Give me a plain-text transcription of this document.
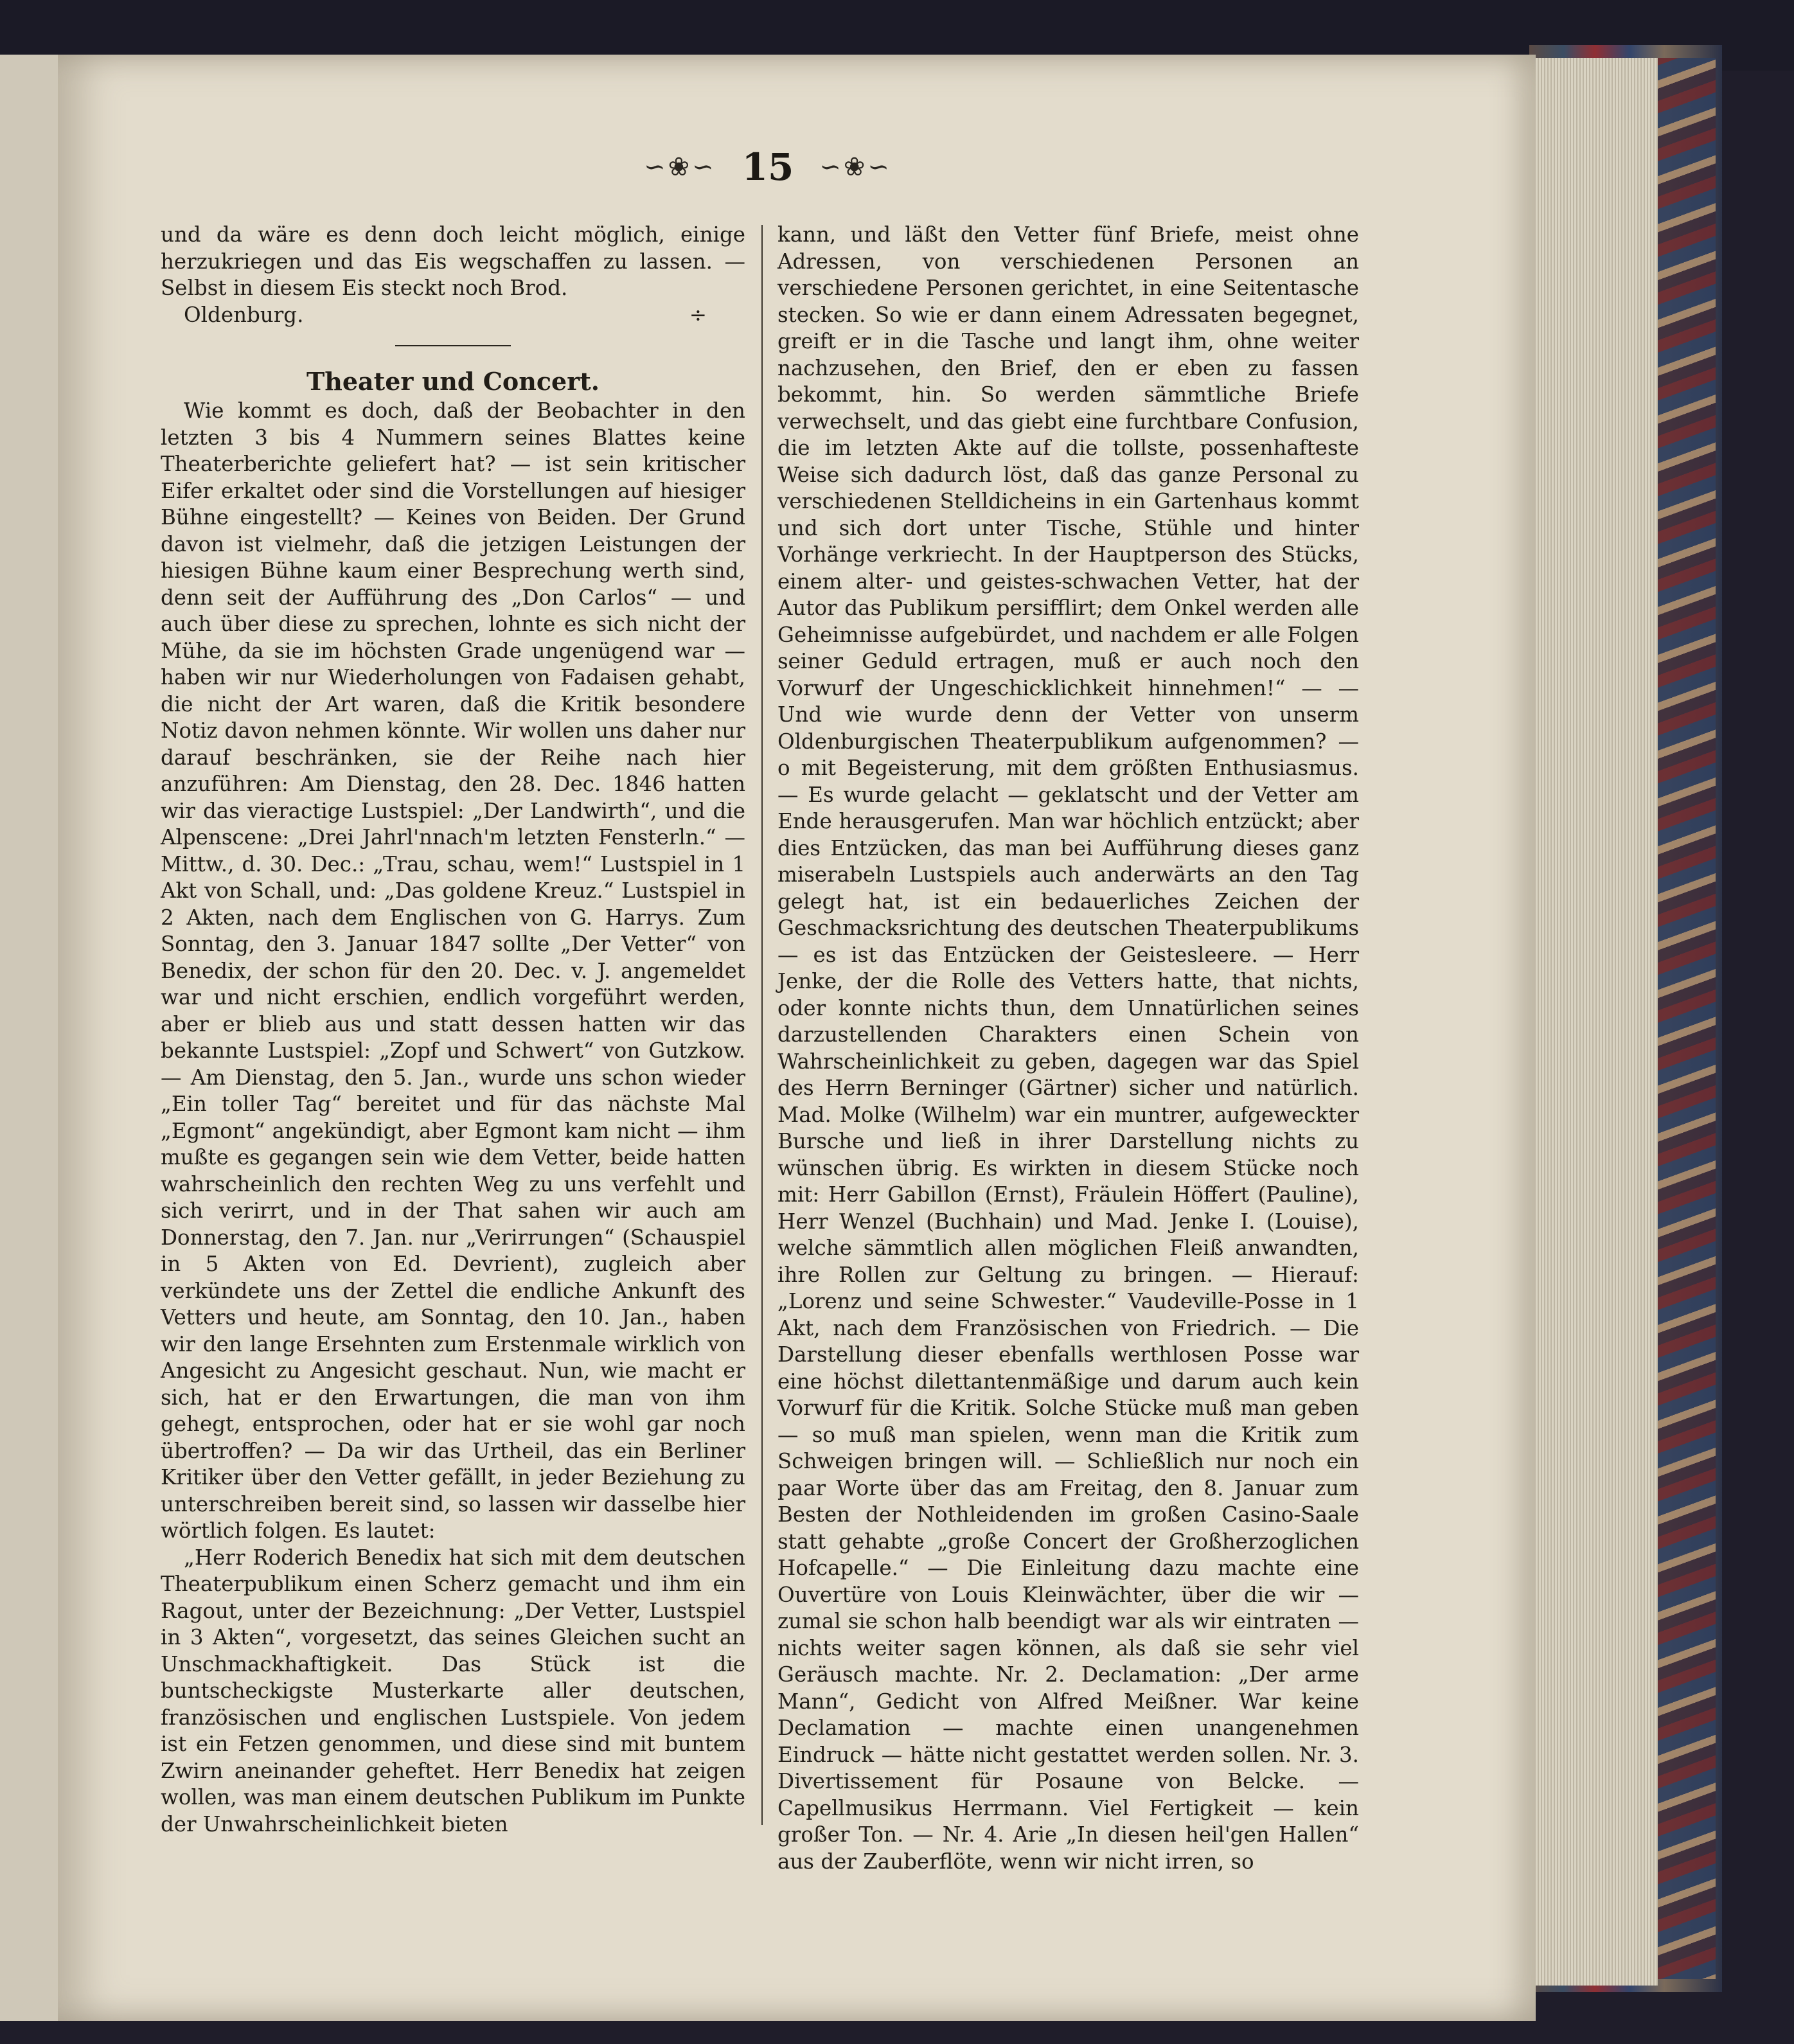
∽❀∽ 15 ∽❀∽

und da wäre es denn doch leicht möglich, einige herzukriegen und das Eis wegschaffen zu lassen. — Selbst in diesem Eis steckt noch Brod.

Oldenburg.	÷

Theater und Concert.

Wie kommt es doch, daß der Beobachter in den letzten 3 bis 4 Nummern seines Blattes keine Theaterberichte geliefert hat? — ist sein kritischer Eifer erkaltet oder sind die Vorstellungen auf hiesiger Bühne eingestellt? — Keines von Beiden. Der Grund davon ist vielmehr, daß die jetzigen Leistungen der hiesigen Bühne kaum einer Besprechung werth sind, denn seit der Aufführung des „Don Carlos“ — und auch über diese zu sprechen, lohnte es sich nicht der Mühe, da sie im höchsten Grade ungenügend war — haben wir nur Wiederholungen von Fadaisen gehabt, die nicht der Art waren, daß die Kritik besondere Notiz davon nehmen könnte. Wir wollen uns daher nur darauf beschränken, sie der Reihe nach hier anzuführen: Am Dienstag, den 28. Dec. 1846 hatten wir das vieractige Lustspiel: „Der Landwirth“, und die Alpenscene: „Drei Jahrl'nnach'm letzten Fensterln.“ — Mittw., d. 30. Dec.: „Trau, schau, wem!“ Lustspiel in 1 Akt von Schall, und: „Das goldene Kreuz.“ Lustspiel in 2 Akten, nach dem Englischen von G. Harrys. Zum Sonntag, den 3. Januar 1847 sollte „Der Vetter“ von Benedix, der schon für den 20. Dec. v. J. angemeldet war und nicht erschien, endlich vorgeführt werden, aber er blieb aus und statt dessen hatten wir das bekannte Lustspiel: „Zopf und Schwert“ von Gutzkow. — Am Dienstag, den 5. Jan., wurde uns schon wieder „Ein toller Tag“ bereitet und für das nächste Mal „Egmont“ angekündigt, aber Egmont kam nicht — ihm mußte es gegangen sein wie dem Vetter, beide hatten wahrscheinlich den rechten Weg zu uns verfehlt und sich verirrt, und in der That sahen wir auch am Donnerstag, den 7. Jan. nur „Verirrungen“ (Schauspiel in 5 Akten von Ed. Devrient), zugleich aber verkündete uns der Zettel die endliche Ankunft des Vetters und heute, am Sonntag, den 10. Jan., haben wir den lange Ersehnten zum Erstenmale wirklich von Angesicht zu Angesicht geschaut. Nun, wie macht er sich, hat er den Erwartungen, die man von ihm gehegt, entsprochen, oder hat er sie wohl gar noch übertroffen? — Da wir das Urtheil, das ein Berliner Kritiker über den Vetter gefällt, in jeder Beziehung zu unterschreiben bereit sind, so lassen wir dasselbe hier wörtlich folgen. Es lautet:

„Herr Roderich Benedix hat sich mit dem deutschen Theaterpublikum einen Scherz gemacht und ihm ein Ragout, unter der Bezeichnung: „Der Vetter, Lustspiel in 3 Akten“, vorgesetzt, das seines Gleichen sucht an Unschmackhaftigkeit. Das Stück ist die buntscheckigste Musterkarte aller deutschen, französischen und englischen Lustspiele. Von jedem ist ein Fetzen genommen, und diese sind mit buntem Zwirn aneinander geheftet. Herr Benedix hat zeigen wollen, was man einem deutschen Publikum im Punkte der Unwahrscheinlichkeit bieten

kann, und läßt den Vetter fünf Briefe, meist ohne Adressen, von verschiedenen Personen an verschiedene Personen gerichtet, in eine Seitentasche stecken. So wie er dann einem Adressaten begegnet, greift er in die Tasche und langt ihm, ohne weiter nachzusehen, den Brief, den er eben zu fassen bekommt, hin. So werden sämmtliche Briefe verwechselt, und das giebt eine furchtbare Confusion, die im letzten Akte auf die tollste, possenhafteste Weise sich dadurch löst, daß das ganze Personal zu verschiedenen Stelldicheins in ein Gartenhaus kommt und sich dort unter Tische, Stühle und hinter Vorhänge verkriecht. In der Hauptperson des Stücks, einem alter- und geistes-schwachen Vetter, hat der Autor das Publikum persifflirt; dem Onkel werden alle Geheimnisse aufgebürdet, und nachdem er alle Folgen seiner Geduld ertragen, muß er auch noch den Vorwurf der Ungeschicklichkeit hinnehmen!“ — — Und wie wurde denn der Vetter von unserm Oldenburgischen Theaterpublikum aufgenommen? — o mit Begeisterung, mit dem größten Enthusiasmus. — Es wurde gelacht — geklatscht und der Vetter am Ende herausgerufen. Man war höchlich entzückt; aber dies Entzücken, das man bei Aufführung dieses ganz miserabeln Lustspiels auch anderwärts an den Tag gelegt hat, ist ein bedauerliches Zeichen der Geschmacksrichtung des deutschen Theaterpublikums — es ist das Entzücken der Geistesleere. — Herr Jenke, der die Rolle des Vetters hatte, that nichts, oder konnte nichts thun, dem Unnatürlichen seines darzustellenden Charakters einen Schein von Wahrscheinlichkeit zu geben, dagegen war das Spiel des Herrn Berninger (Gärtner) sicher und natürlich. Mad. Molke (Wilhelm) war ein muntrer, aufgeweckter Bursche und ließ in ihrer Darstellung nichts zu wünschen übrig. Es wirkten in diesem Stücke noch mit: Herr Gabillon (Ernst), Fräulein Höffert (Pauline), Herr Wenzel (Buchhain) und Mad. Jenke I. (Louise), welche sämmtlich allen möglichen Fleiß anwandten, ihre Rollen zur Geltung zu bringen. — Hierauf: „Lorenz und seine Schwester.“ Vaudeville-Posse in 1 Akt, nach dem Französischen von Friedrich. — Die Darstellung dieser ebenfalls werthlosen Posse war eine höchst dilettantenmäßige und darum auch kein Vorwurf für die Kritik. Solche Stücke muß man geben — so muß man spielen, wenn man die Kritik zum Schweigen bringen will. — Schließlich nur noch ein paar Worte über das am Freitag, den 8. Januar zum Besten der Nothleidenden im großen Casino-Saale statt gehabte „große Concert der Großherzoglichen Hofcapelle.“ — Die Einleitung dazu machte eine Ouvertüre von Louis Kleinwächter, über die wir — zumal sie schon halb beendigt war als wir eintraten — nichts weiter sagen können, als daß sie sehr viel Geräusch machte. Nr. 2. Declamation: „Der arme Mann“, Gedicht von Alfred Meißner. War keine Declamation — machte einen unangenehmen Eindruck — hätte nicht gestattet werden sollen. Nr. 3. Divertissement für Posaune von Belcke. — Capellmusikus Herrmann. Viel Fertigkeit — kein großer Ton. — Nr. 4. Arie „In diesen heil'gen Hallen“ aus der Zauberflöte, wenn wir nicht irren, so
